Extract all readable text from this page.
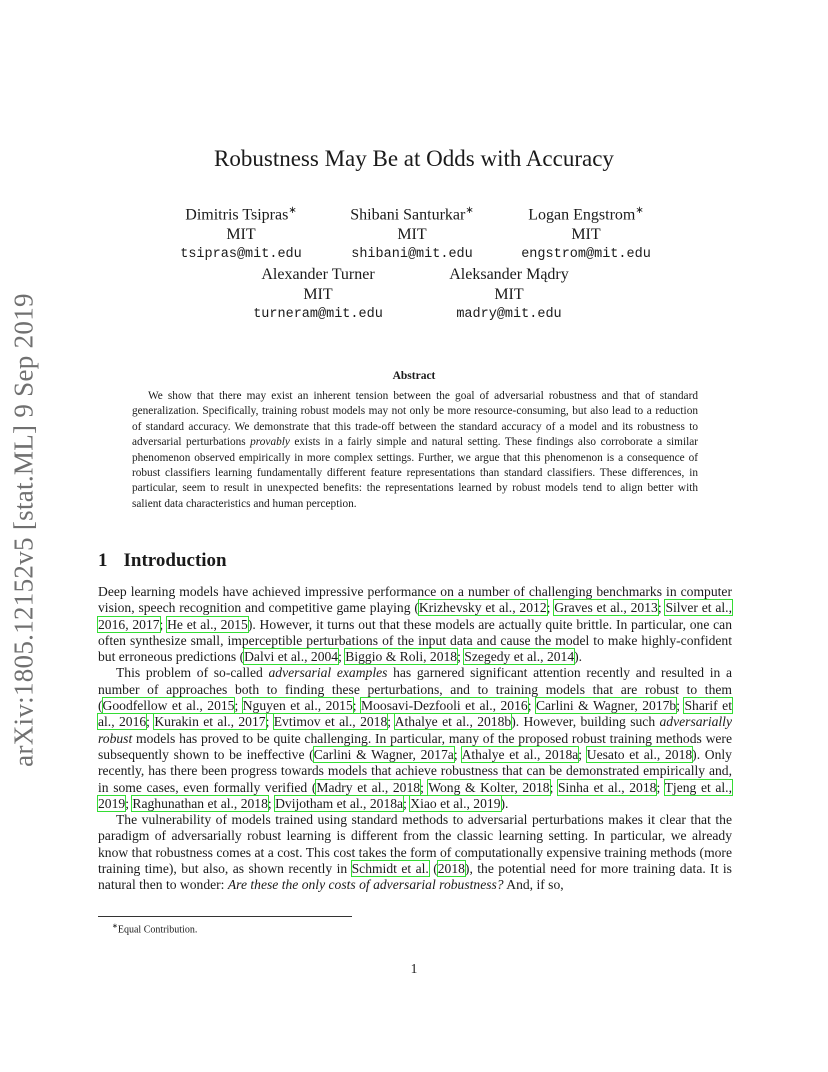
arXiv:1805.12152v5 [stat.ML] 9 Sep 2019
Robustness May Be at Odds with Accuracy
Dimitris Tsipras∗
MIT
tsipras@mit.edu
Shibani Santurkar∗
MIT
shibani@mit.edu
Logan Engstrom∗
MIT
engstrom@mit.edu
Alexander Turner
MIT
turneram@mit.edu
Aleksander Mądry
MIT
madry@mit.edu
Abstract

We show that there may exist an inherent tension between the goal of adversarial robustness and that of standard generalization. Specifically, training robust models may not only be more resource-consuming, but also lead to a reduction of standard accuracy. We demonstrate that this trade-off between the standard accuracy of a model and its robustness to adversarial perturbations provably exists in a fairly simple and natural setting. These findings also corroborate a similar phenomenon observed empirically in more complex settings. Further, we argue that this phenomenon is a consequence of robust classifiers learning fundamentally different feature representations than standard classifiers. These differences, in particular, seem to result in unexpected benefits: the representations learned by robust models tend to align better with salient data characteristics and human perception.

1 Introduction

Deep learning models have achieved impressive performance on a number of challenging benchmarks in computer vision, speech recognition and competitive game playing (Krizhevsky et al., 2012; Graves et al., 2013; Silver et al., 2016, 2017; He et al., 2015). However, it turns out that these models are actually quite brittle. In particular, one can often synthesize small, imperceptible perturbations of the input data and cause the model to make highly-confident but erroneous predictions (Dalvi et al., 2004; Biggio & Roli, 2018; Szegedy et al., 2014).

This problem of so-called adversarial examples has garnered significant attention recently and resulted in a number of approaches both to finding these perturbations, and to training models that are robust to them (Goodfellow et al., 2015; Nguyen et al., 2015; Moosavi-Dezfooli et al., 2016; Carlini & Wagner, 2017b; Sharif et al., 2016; Kurakin et al., 2017; Evtimov et al., 2018; Athalye et al., 2018b). However, building such adversarially robust models has proved to be quite challenging. In particular, many of the proposed robust training methods were subsequently shown to be ineffective (Carlini & Wagner, 2017a; Athalye et al., 2018a; Uesato et al., 2018). Only recently, has there been progress towards models that achieve robustness that can be demonstrated empirically and, in some cases, even formally verified (Madry et al., 2018; Wong & Kolter, 2018; Sinha et al., 2018; Tjeng et al., 2019; Raghunathan et al., 2018; Dvijotham et al., 2018a; Xiao et al., 2019).

The vulnerability of models trained using standard methods to adversarial perturbations makes it clear that the paradigm of adversarially robust learning is different from the classic learning setting. In particular, we already know that robustness comes at a cost. This cost takes the form of computationally expensive training methods (more training time), but also, as shown recently in Schmidt et al. (2018), the potential need for more training data. It is natural then to wonder: Are these the only costs of adversarial robustness? And, if so,

∗Equal Contribution.
1
